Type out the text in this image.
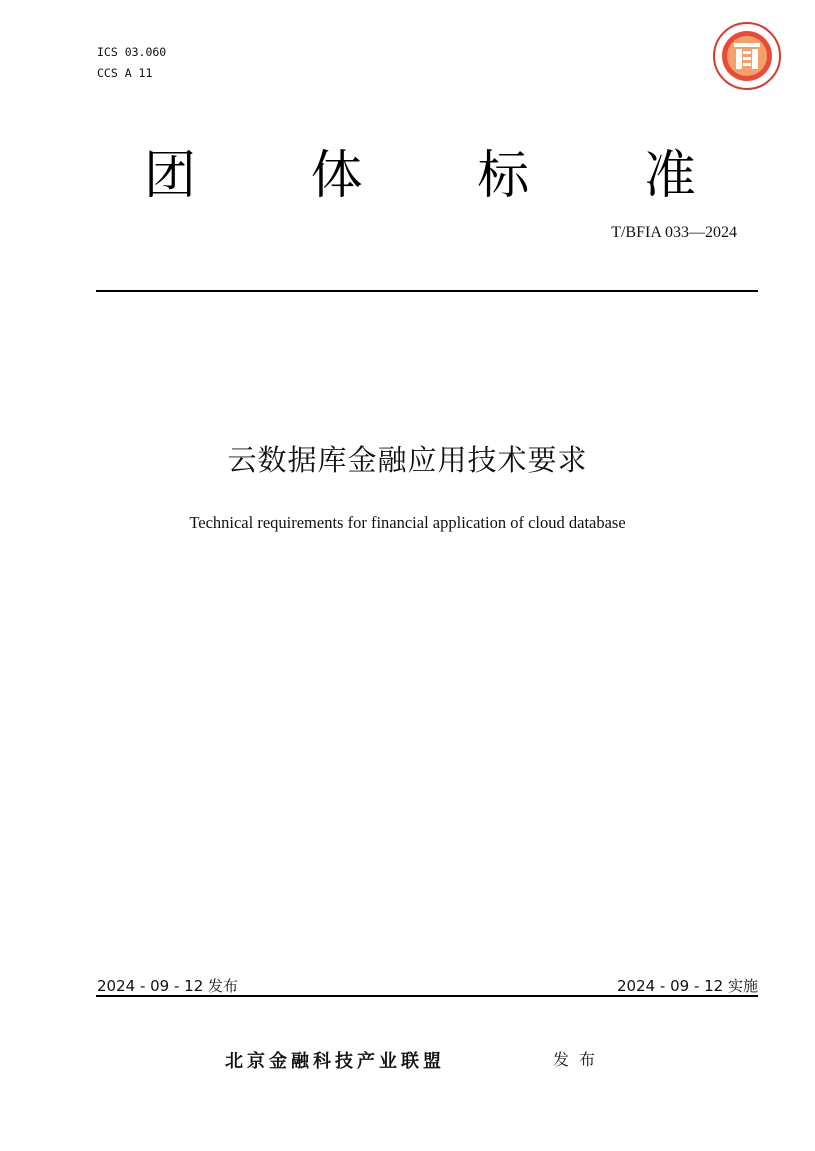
ICS 03.060
CCS A 11
团	体	标	准
T/BFIA 033—2024
云数据库金融应用技术要求
Technical requirements for financial application of cloud database
2024 - 09 - 12 发布	2024 - 09 - 12 实施
北京金融科技产业联盟	发布
